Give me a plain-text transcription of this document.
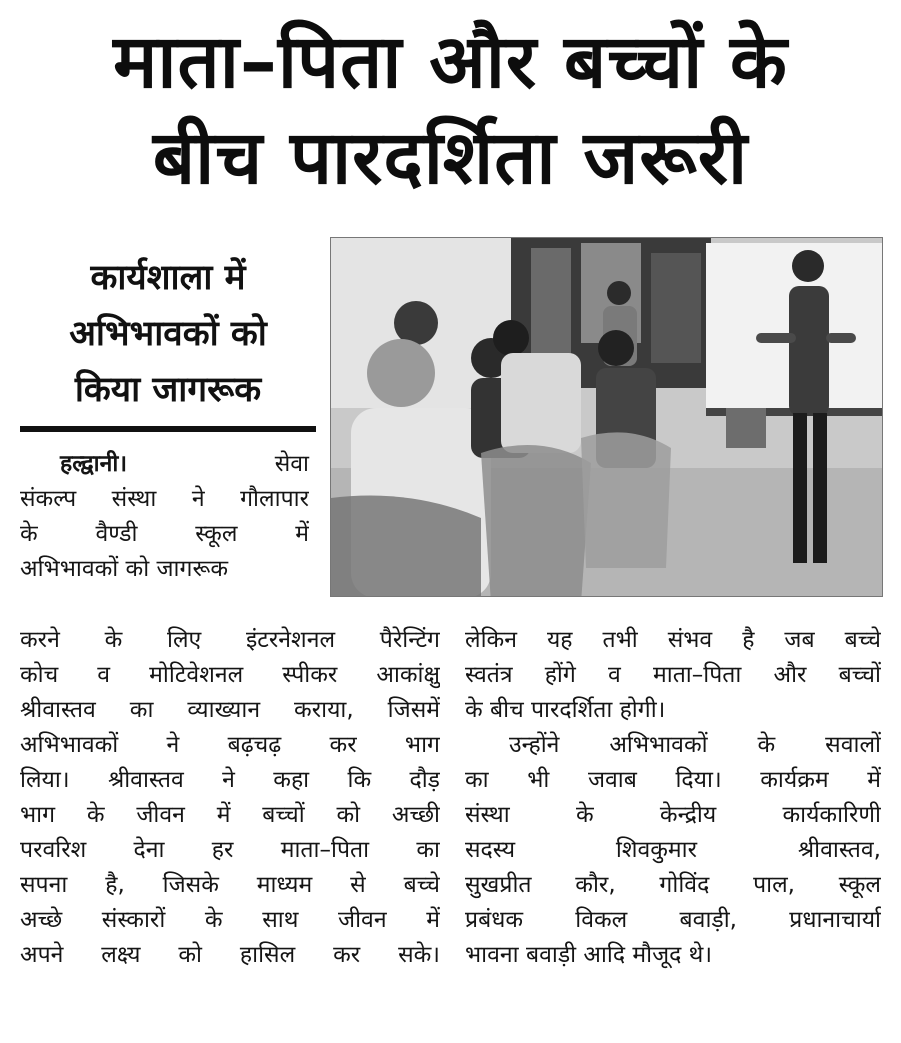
माता–पिता और बच्चों के
बीच पारदर्शिता जरूरी
कार्यशाला में
अभिभावकों को
किया जागरूक
हल्द्वानी।	सेवा
संकल्प संस्था ने गौलापार
के वैण्डी स्कूल में
अभिभावकों को जागरूक
करने के लिए इंटरनेशनल पैरेन्टिंग
कोच व मोटिवेशनल स्पीकर आकांक्षु
श्रीवास्तव का व्याख्यान कराया, जिसमें
अभिभावकों ने बढ़चढ़ कर भाग
लिया। श्रीवास्तव ने कहा कि दौड़
भाग के जीवन में बच्चों को अच्छी
परवरिश देना हर माता–पिता का
सपना है, जिसके माध्यम से बच्चे
अच्छे संस्कारों के साथ जीवन में
अपने लक्ष्य को हासिल कर सके।
लेकिन यह तभी संभव है जब बच्चे
स्वतंत्र होंगे व माता–पिता और बच्चों
के बीच पारदर्शिता होगी।
उन्होंने अभिभावकों के सवालों
का भी जवाब दिया। कार्यक्रम में
संस्था के केन्द्रीय कार्यकारिणी
सदस्य शिवकुमार श्रीवास्तव,
सुखप्रीत कौर, गोविंद पाल, स्कूल
प्रबंधक विकल बवाड़ी, प्रधानाचार्या
भावना बवाड़ी आदि मौजूद थे।
